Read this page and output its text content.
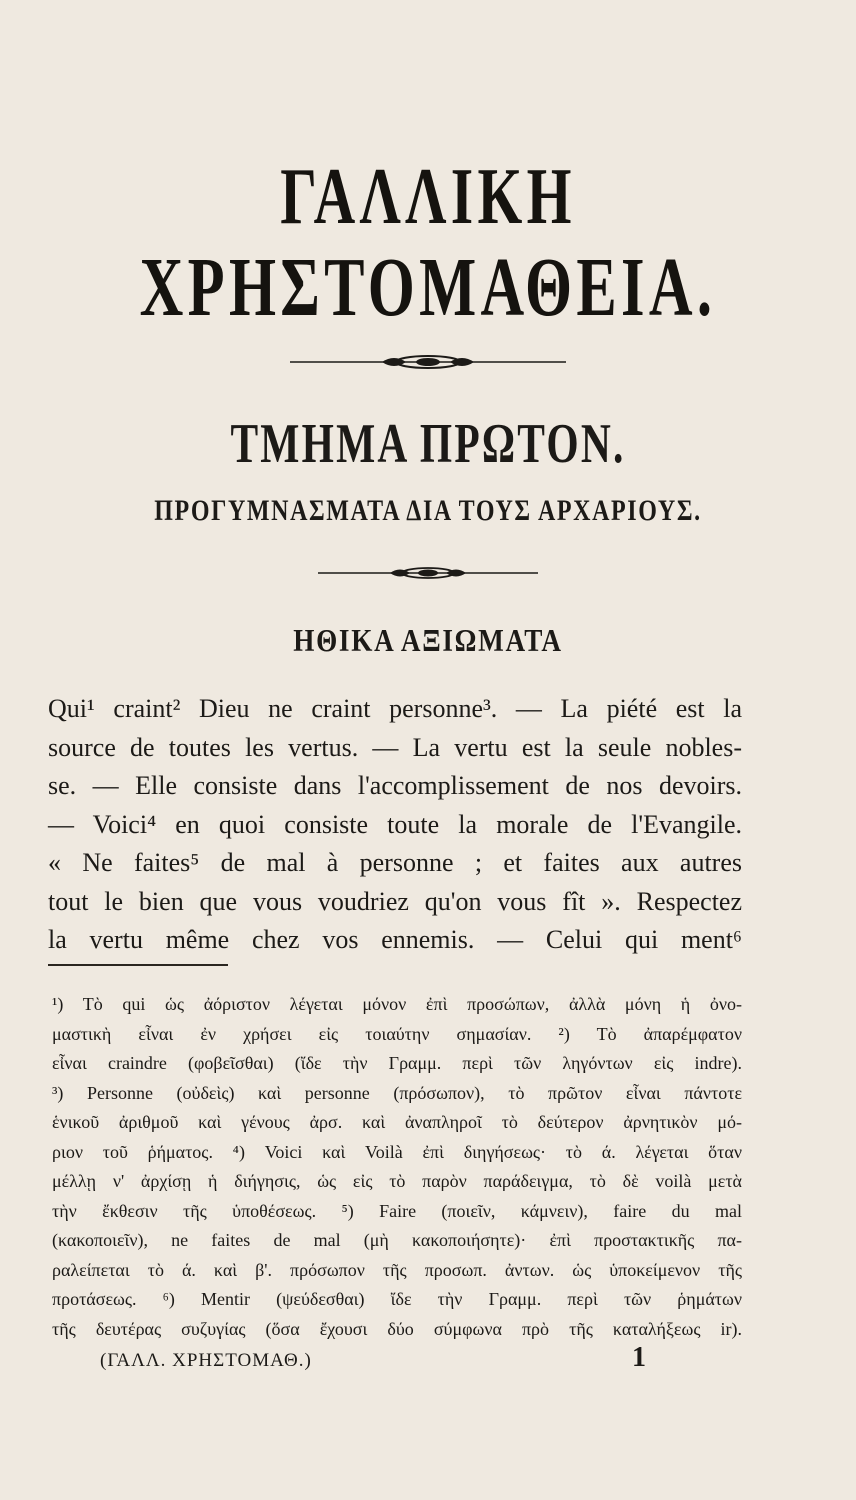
ΓΑΛΛΙΚΗ
ΧΡΗΣΤΟΜΑΘΕΙΑ.
ΤΜΗΜΑ ΠΡΩΤΟΝ.
ΠΡΟΓΥΜΝΑΣΜΑΤΑ ΔΙΑ ΤΟΥΣ ΑΡΧΑΡΙΟΥΣ.
ΗΘΙΚΑ ΑΞΙΩΜΑΤΑ
Qui¹ craint² Dieu ne craint personne³. — La piété est la
source de toutes les vertus. — La vertu est la seule nobles-
se. — Elle consiste dans l'accomplissement de nos devoirs.
— Voici⁴ en quoi consiste toute la morale de l'Evangile.
« Ne faites⁵ de mal à personne ; et faites aux autres
tout le bien que vous voudriez qu'on vous fît ». Respectez
la vertu même chez vos ennemis. — Celui qui ment⁶
¹) Τὸ qui ὡς ἀόριστον λέγεται μόνον ἐπὶ προσώπων, ἀλλὰ μόνη ἡ ὀνο-
μαστικὴ εἶναι ἐν χρήσει εἰς τοιαύτην σημασίαν. ²) Τὸ ἀπαρέμφατον
εἶναι craindre (φοβεῖσθαι) (ἴδε τὴν Γραμμ. περὶ τῶν ληγόντων εἰς indre).
³) Personne (οὐδεὶς) καὶ personne (πρόσωπον), τὸ πρῶτον εἶναι πάντοτε
ἑνικοῦ ἀριθμοῦ καὶ γένους ἀρσ. καὶ ἀναπληροῖ τὸ δεύτερον ἀρνητικὸν μό-
ριον τοῦ ῥήματος. ⁴) Voici καὶ Voilà ἐπὶ διηγήσεως· τὸ ά. λέγεται ὅταν
μέλλῃ ν' ἀρχίσῃ ἡ διήγησις, ὡς εἰς τὸ παρὸν παράδειγμα, τὸ δὲ voilà μετὰ
τὴν ἔκθεσιν τῆς ὑποθέσεως. ⁵) Faire (ποιεῖν, κάμνειν), faire du mal
(κακοποιεῖν), ne faites de mal (μὴ κακοποιήσητε)· ἐπὶ προστακτικῆς πα-
ραλείπεται τὸ ά. καὶ β'. πρόσωπον τῆς προσωπ. ἀντων. ὡς ὑποκείμενον τῆς
προτάσεως. ⁶) Mentir (ψεύδεσθαι) ἴδε τὴν Γραμμ. περὶ τῶν ῥημάτων
τῆς δευτέρας συζυγίας (ὅσα ἔχουσι δύο σύμφωνα πρὸ τῆς καταλήξεως ir).
(ΓΑΛΛ. ΧΡΗΣΤΟΜΑΘ.)	1
